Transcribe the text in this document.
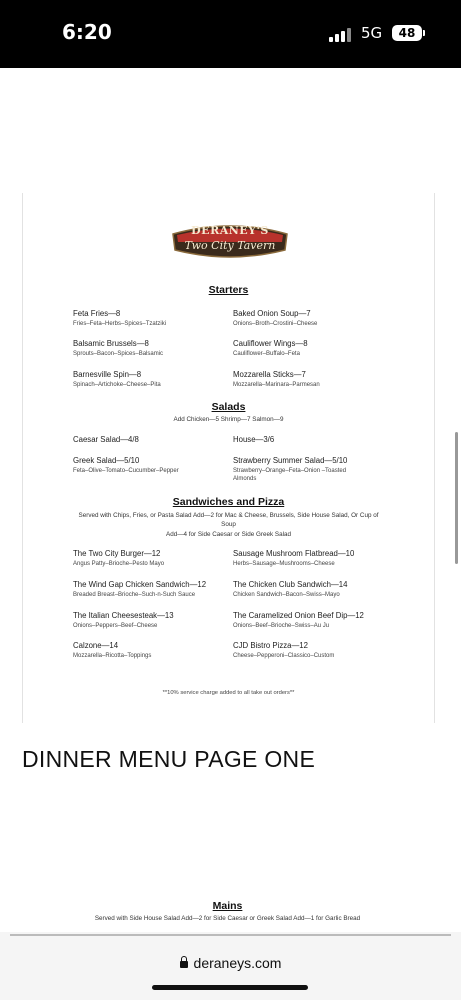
6:20	5G	48
DERANEY'S
Two City Tavern
Starters
Feta Fries—8
Fries–Feta–Herbs–Spices–Tzatziki
Baked Onion Soup—7
Onions–Broth–Crostini–Cheese
Balsamic Brussels—8
Sprouts–Bacon–Spices–Balsamic
Cauliflower Wings—8
Cauliflower–Buffalo–Feta
Barnesville Spin—8
Spinach–Artichoke–Cheese–Pita
Mozzarella Sticks—7
Mozzarella–Marinara–Parmesan
Salads
Add Chicken—5 Shrimp—7 Salmon—9
Caesar Salad—4/8	House—3/6
Greek Salad—5/10
Feta–Olive–Tomato–Cucumber–Pepper
Strawberry Summer Salad—5/10
Strawberry–Orange–Feta–Onion –Toasted Almonds
Sandwiches and Pizza
Served with Chips, Fries, or Pasta Salad Add—2 for Mac & Cheese, Brussels, Side House Salad, Or Cup of Soup
Add—4 for Side Caesar or Side Greek Salad
The Two City Burger—12
Angus Patty–Brioche–Pesto Mayo
Sausage Mushroom Flatbread—10
Herbs–Sausage–Mushrooms–Cheese
The Wind Gap Chicken Sandwich—12
Breaded Breast–Brioche–Such-n-Such Sauce
The Chicken Club Sandwich—14
Chicken Sandwich–Bacon–Swiss–Mayo
The Italian Cheesesteak—13
Onions–Peppers–Beef–Cheese
The Caramelized Onion Beef Dip—12
Onions–Beef–Brioche–Swiss–Au Ju
Calzone—14
Mozzarella–Ricotta–Toppings
CJD Bistro Pizza—12
Cheese–Pepperoni–Classico–Custom
**10% service charge added to all take out orders**
DINNER MENU PAGE ONE
Mains
Served with Side House Salad Add—2 for Side Caesar or Greek Salad Add—1 for Garlic Bread
deraneys.com
